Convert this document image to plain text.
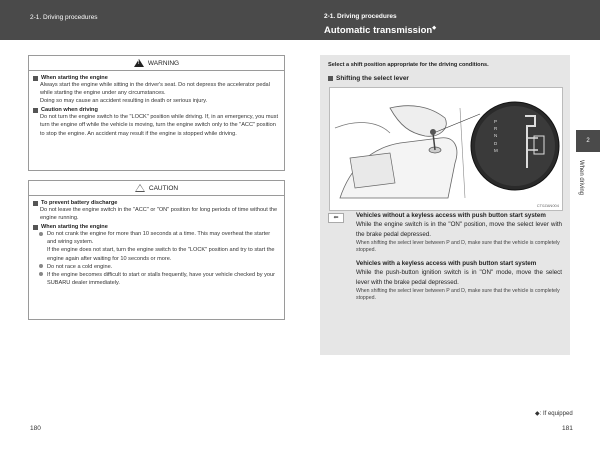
2-1. Driving procedures	2-1. Driving procedures
Automatic transmission◆
! WARNING

When starting the engine

Always start the engine while sitting in the driver's seat. Do not depress the accelerator pedal while starting the engine under any circumstances.

Doing so may cause an accident resulting in death or serious injury.

Caution when driving

Do not turn the engine switch to the "LOCK" position while driving. If, in an emergency, you must turn the engine off while the vehicle is moving, turn the engine switch only to the "ACC" position to stop the engine. An accident may result if the engine is stopped while driving.

CAUTION

To prevent battery discharge

Do not leave the engine switch in the "ACC" or "ON" position for long periods of time without the engine running.

When starting the engine

Do not crank the engine for more than 10 seconds at a time. This may overheat the starter and wiring system.

If the engine does not start, turn the engine switch to the "LOCK" position and try to start the engine again after waiting for 10 seconds or more.

Do not race a cold engine.

If the engine becomes difficult to start or stalls frequently, have your vehicle checked by your SUBARU dealer immediately.

180

Select a shift position appropriate for the driving conditions.

Shifting the select lever

P
R
N
D
M
CT0ZAN004
⬅	Vehicles without a keyless access with push button start system

While the engine switch is in the "ON" position, move the select lever with the brake pedal depressed.

When shifting the select lever between P and D, make sure that the vehicle is completely stopped.

Vehicles with a keyless access with push button start system

While the push-button ignition switch is in "ON" mode, move the select lever with the brake pedal depressed.

When shifting the select lever between P and D, make sure that the vehicle is completely stopped.

2
When driving
◆: If equipped
181
